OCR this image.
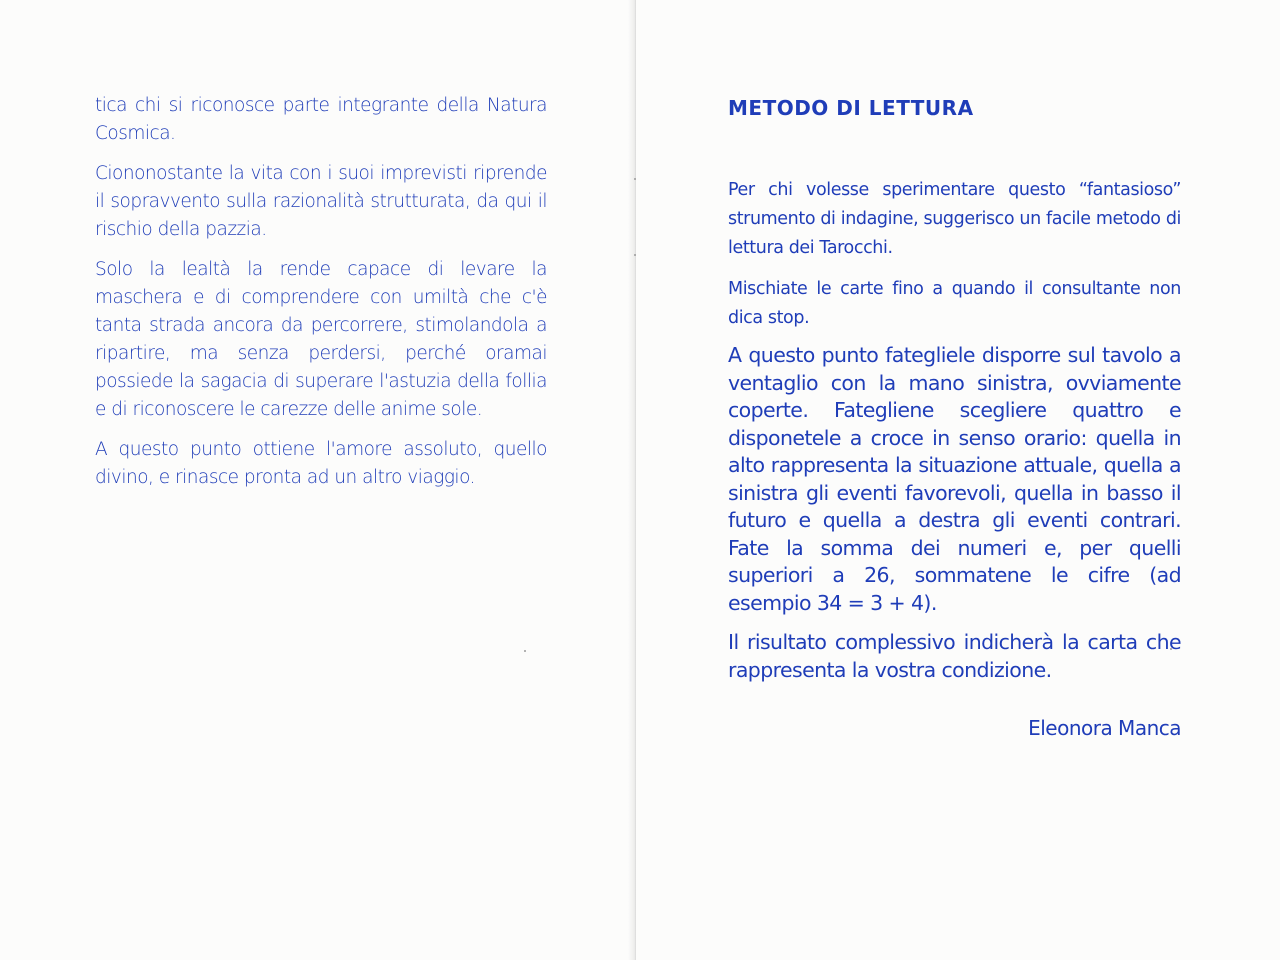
tica chi si riconosce parte integrante della Natura Cosmica.

Ciononostante la vita con i suoi imprevisti riprende il sopravvento sulla razionalità strutturata, da qui il rischio della pazzia.

Solo la lealtà la rende capace di levare la maschera e di comprendere con umiltà che c'è tanta strada ancora da percorrere, stimolandola a ripartire, ma senza perdersi, perché oramai possiede la sagacia di superare l'astuzia della follia e di riconoscere le carezze delle anime sole.

A questo punto ottiene l'amore assoluto, quello divino, e rinasce pronta ad un altro viaggio.

METODO DI LETTURA

Per chi volesse sperimentare questo “fantasioso” strumento di indagine, suggerisco un facile metodo di lettura dei Tarocchi.

Mischiate le carte fino a quando il consultante non dica stop.

A questo punto fategliele disporre sul tavolo a ventaglio con la mano sinistra, ovviamente coperte. Fategliene scegliere quattro e disponetele a croce in senso orario: quella in alto rappresenta la situazione attuale, quella a sinistra gli eventi favorevoli, quella in basso il futuro e quella a destra gli eventi contrari. Fate la somma dei numeri e, per quelli superiori a 26, sommatene le cifre (ad esempio 34 = 3 + 4).

Il risultato complessivo indicherà la carta che rappresenta la vostra condizione.

Eleonora Manca
